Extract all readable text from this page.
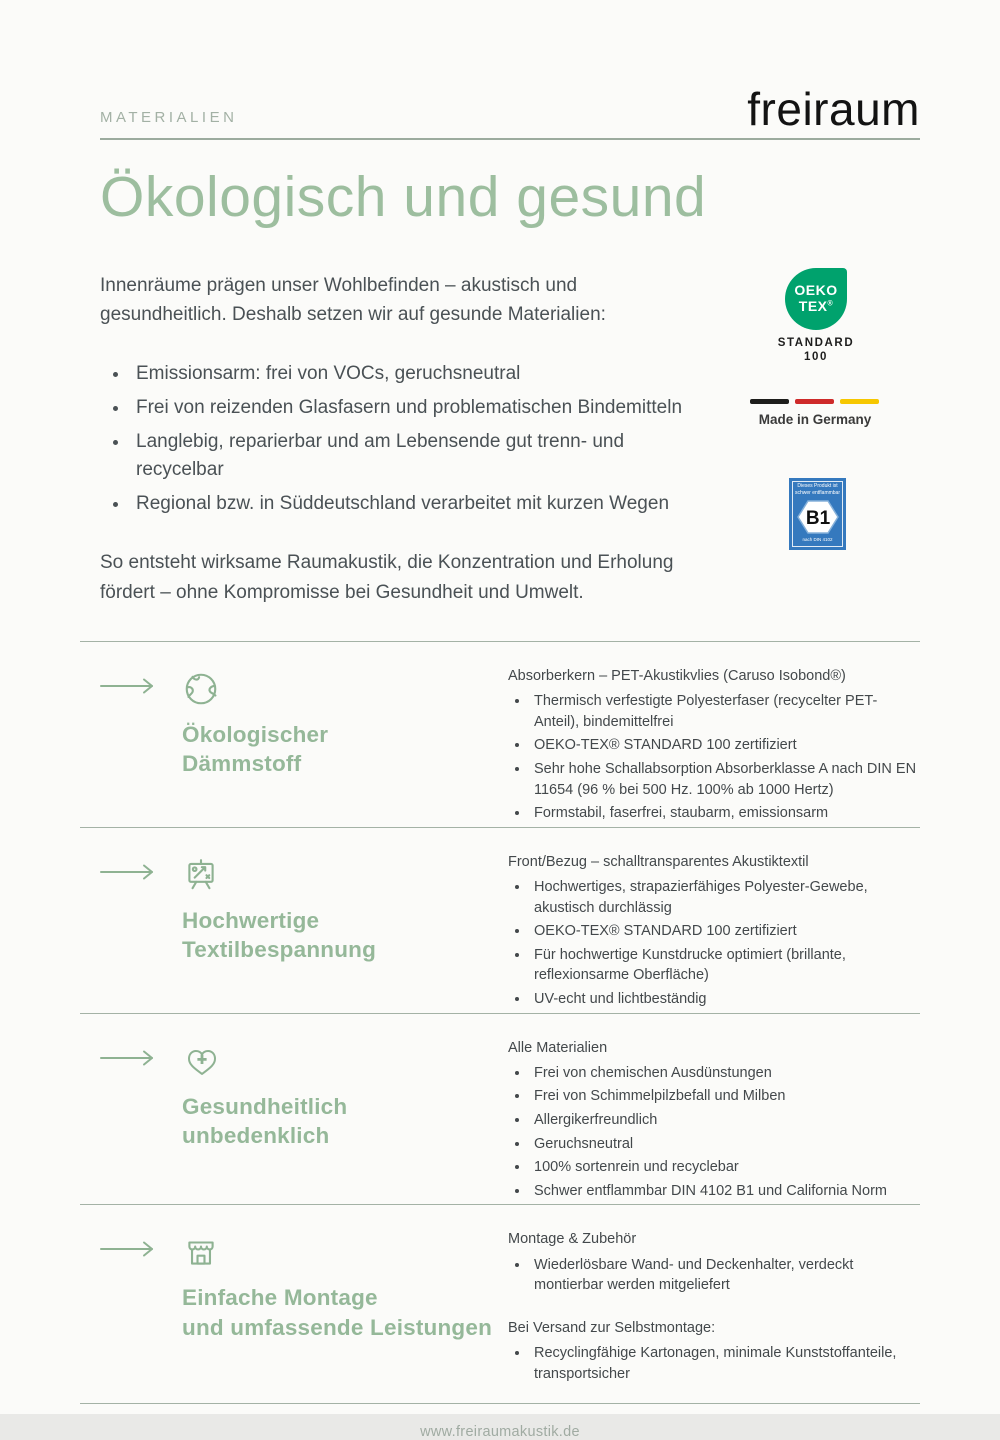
MATERIALIEN	freiraum
Ökologisch und gesund

Innenräume prägen unser Wohlbefinden – akustisch und gesundheitlich. Deshalb setzen wir auf gesunde Materialien:

• Emissionsarm: frei von VOCs, geruchsneutral
• Frei von reizenden Glasfasern und problematischen Bindemitteln
• Langlebig, reparierbar und am Lebensende gut trenn- und recycelbar
• Regional bzw. in Süddeutschland verarbeitet mit kurzen Wegen

So entsteht wirksame Raumakustik, die Konzentration und Erholung fördert – ohne Kompromisse bei Gesundheit und Umwelt.

OEKO
TEX®
STANDARD
100
Made in Germany
Dieses Produkt ist schwer entflammbar
B1
nach DIN 4102
Ökologischer
Dämmstoff
Absorberkern – PET-Akustikvlies (Caruso Isobond®)
• Thermisch verfestigte Polyesterfaser (recycelter PET-Anteil), bindemittelfrei
• OEKO-TEX® STANDARD 100 zertifiziert
• Sehr hohe Schallabsorption Absorberklasse A nach DIN EN 11654 (96 % bei 500 Hz. 100% ab 1000 Hertz)
• Formstabil, faserfrei, staubarm, emissionsarm
Hochwertige
Textilbespannung
Front/Bezug – schalltransparentes Akustiktextil
• Hochwertiges, strapazierfähiges Polyester-Gewebe, akustisch durchlässig
• OEKO-TEX® STANDARD 100 zertifiziert
• Für hochwertige Kunstdrucke optimiert (brillante, reflexionsarme Oberfläche)
• UV-echt und lichtbeständig
Gesundheitlich
unbedenklich
Alle Materialien
• Frei von chemischen Ausdünstungen
• Frei von Schimmelpilzbefall und Milben
• Allergikerfreundlich
• Geruchsneutral
• 100% sortenrein und recyclebar
• Schwer entflammbar DIN 4102 B1 und California Norm
Einfache Montage
und umfassende Leistungen
Montage & Zubehör
• Wiederlösbare Wand- und Deckenhalter, verdeckt montierbar werden mitgeliefert
Bei Versand zur Selbstmontage:
• Recyclingfähige Kartonagen, minimale Kunststoffanteile, transportsicher
www.freiraumakustik.de
